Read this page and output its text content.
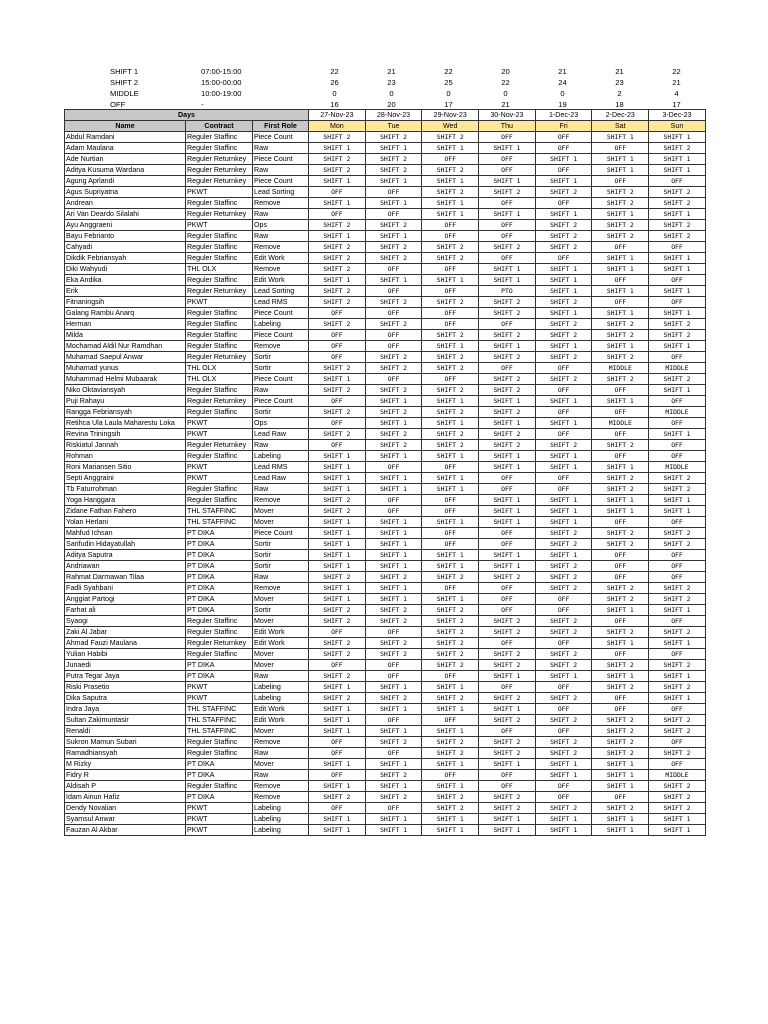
SHIFT 1	07:00-15:00	22	21	22	20	21	21	22
SHIFT 2	15:00-00:00	26	23	25	22	24	23	21
MIDDLE	10:00-19:00	0	0	0	0	0	2	4
OFF	-	16	20	17	21	19	18	17
Days			27-Nov-23	28-Nov-23	29-Nov-23	30-Nov-23	1-Dec-23	2-Dec-23	3-Dec-23
Name	Contract	First Role	Mon	Tue	Wed	Thu	Fri	Sat	Sun
Abdul Ramdani	Reguler Staffinc	Piece Count	SHIFT 2	SHIFT 2	SHIFT 2	OFF	OFF	SHIFT 1	SHIFT 1
Adam Maulana	Reguler Staffinc	Raw	SHIFT 1	SHIFT 1	SHIFT 1	SHIFT 1	OFF	OFF	SHIFT 2
Ade Nurtian	Reguler Returnkey	Piece Count	SHIFT 2	SHIFT 2	OFF	OFF	SHIFT 1	SHIFT 1	SHIFT 1
Aditya Kusuma Wardana	Reguler Returnkey	Raw	SHIFT 2	SHIFT 2	SHIFT 2	OFF	OFF	SHIFT 1	SHIFT 1
Agung Aprlandi	Reguler Returnkey	Piece Count	SHIFT 1	SHIFT 1	SHIFT 1	SHIFT 1	SHIFT 1	OFF	OFF
Agus Supriyatna	PKWT	Lead Sorting	OFF	OFF	SHIFT 2	SHIFT 2	SHIFT 2	SHIFT 2	SHIFT 2
Andrean	Reguler Staffinc	Remove	SHIFT 1	SHIFT 1	SHIFT 1	OFF	OFF	SHIFT 2	SHIFT 2
Ari Van Deardo Silalahi	Reguler Returnkey	Raw	OFF	OFF	SHIFT 1	SHIFT 1	SHIFT 1	SHIFT 1	SHIFT 1
Ayu Anggraeni	PKWT	Ops	SHIFT 2	SHIFT 2	OFF	OFF	SHIFT 2	SHIFT 2	SHIFT 2
Bayu Febrianto	Reguler Staffinc	Raw	SHIFT 1	SHIFT 1	OFF	OFF	SHIFT 2	SHIFT 2	SHIFT 2
Cahyadi	Reguler Staffinc	Remove	SHIFT 2	SHIFT 2	SHIFT 2	SHIFT 2	SHIFT 2	OFF	OFF
Dikdik Febriansyah	Reguler Staffinc	Edit Work	SHIFT 2	SHIFT 2	SHIFT 2	OFF	OFF	SHIFT 1	SHIFT 1
Diki Wahyudi	THL OLX	Remove	SHIFT 2	OFF	OFF	SHIFT 1	SHIFT 1	SHIFT 1	SHIFT 1
Eka Andika	Reguler Staffinc	Edit Work	SHIFT 1	SHIFT 1	SHIFT 1	SHIFT 1	SHIFT 1	OFF	OFF
Erik	Reguler Returnkey	Lead Sorting	SHIFT 2	OFF	OFF	PTO	SHIFT 1	SHIFT 1	SHIFT 1
Fitrianingsih	PKWT	Lead RMS	SHIFT 2	SHIFT 2	SHIFT 2	SHIFT 2	SHIFT 2	OFF	OFF
Galang Rambu Anarq	Reguler Staffinc	Piece Count	OFF	OFF	OFF	SHIFT 2	SHIFT 1	SHIFT 1	SHIFT 1
Herman	Reguler Staffinc	Labeling	SHIFT 2	SHIFT 2	OFF	OFF	SHIFT 2	SHIFT 2	SHIFT 2
Milda	Reguler Staffinc	Piece Count	OFF	OFF	SHIFT 2	SHIFT 2	SHIFT 2	SHIFT 2	SHIFT 2
Mochamad Aldil Nur Ramdhan	Reguler Staffinc	Remove	OFF	OFF	SHIFT 1	SHIFT 1	SHIFT 1	SHIFT 1	SHIFT 1
Muhamad Saepul Anwar	Reguler Returnkey	Sortir	OFF	SHIFT 2	SHIFT 2	SHIFT 2	SHIFT 2	SHIFT 2	OFF
Muhamad yunus	THL OLX	Sortir	SHIFT 2	SHIFT 2	SHIFT 2	OFF	OFF	MIDDLE	MIDDLE
Muhammad Helmi Mubaarak	THL OLX	Piece Count	SHIFT 1	OFF	OFF	SHIFT 2	SHIFT 2	SHIFT 2	SHIFT 2
Niko Oktaviansyah	Reguler Staffinc	Raw	SHIFT 2	SHIFT 2	SHIFT 2	SHIFT 2	OFF	OFF	SHIFT 1
Puji Rahayu	Reguler Returnkey	Piece Count	OFF	SHIFT 1	SHIFT 1	SHIFT 1	SHIFT 1	SHIFT 1	OFF
Rangga Febriansyah	Reguler Staffinc	Sortir	SHIFT 2	SHIFT 2	SHIFT 2	SHIFT 2	OFF	OFF	MIDDLE
Retihca Ula Laula Maharestu Loka	PKWT	Ops	OFF	SHIFT 1	SHIFT 1	SHIFT 1	SHIFT 1	MIDDLE	OFF
Revina Triningsih	PKWT	Lead Raw	SHIFT 2	SHIFT 2	SHIFT 2	SHIFT 2	OFF	OFF	SHIFT 1
Riskiatul Jannah	Reguler Returnkey	Raw	OFF	SHIFT 2	SHIFT 2	SHIFT 2	SHIFT 2	SHIFT 2	OFF
Rohman	Reguler Staffinc	Labeling	SHIFT 1	SHIFT 1	SHIFT 1	SHIFT 1	SHIFT 1	OFF	OFF
Roni Mariansen Sitio	PKWT	Lead RMS	SHIFT 1	OFF	OFF	SHIFT 1	SHIFT 1	SHIFT 1	MIDDLE
Septi Anggraini	PKWT	Lead Raw	SHIFT 1	SHIFT 1	SHIFT 1	OFF	OFF	SHIFT 2	SHIFT 2
Tb Faturrohman	Reguler Staffinc	Raw	SHIFT 1	SHIFT 1	SHIFT 1	OFF	OFF	SHIFT 2	SHIFT 2
Yoga Hanggara	Reguler Staffinc	Remove	SHIFT 2	OFF	OFF	SHIFT 1	SHIFT 1	SHIFT 1	SHIFT 1
Zidane Fathan Fahero	THL STAFFINC	Mover	SHIFT 2	OFF	OFF	SHIFT 1	SHIFT 1	SHIFT 1	SHIFT 1
Yolan Herlani	THL STAFFINC	Mover	SHIFT 1	SHIFT 1	SHIFT 1	SHIFT 1	SHIFT 1	OFF	OFF
Mahfud Ichsan	PT DIKA	Piece Count	SHIFT 1	SHIFT 1	OFF	OFF	SHIFT 2	SHIFT 2	SHIFT 2
Sarifudin Hidayatullah	PT DIKA	Sortir	SHIFT 1	SHIFT 1	OFF	OFF	SHIFT 2	SHIFT 2	SHIFT 2
Aditya Saputra	PT DIKA	Sortir	SHIFT 1	SHIFT 1	SHIFT 1	SHIFT 1	SHIFT 1	OFF	OFF
Andriawan	PT DIKA	Sortir	SHIFT 1	SHIFT 1	SHIFT 1	SHIFT 1	SHIFT 2	OFF	OFF
Rahmat Darmawan Tilaa	PT DIKA	Raw	SHIFT 2	SHIFT 2	SHIFT 2	SHIFT 2	SHIFT 2	OFF	OFF
Fadli Syahbani	PT DIKA	Remove	SHIFT 1	SHIFT 1	OFF	OFF	SHIFT 2	SHIFT 2	SHIFT 2
Anggiat Partogi	PT DIKA	Mover	SHIFT 1	SHIFT 1	SHIFT 1	OFF	OFF	SHIFT 2	SHIFT 2
Farhat ali	PT DIKA	Sortir	SHIFT 2	SHIFT 2	SHIFT 2	OFF	OFF	SHIFT 1	SHIFT 1
Syaogi	Reguler Staffinc	Mover	SHIFT 2	SHIFT 2	SHIFT 2	SHIFT 2	SHIFT 2	OFF	OFF
Zaki Al Jabar	Reguler Staffinc	Edit Work	OFF	OFF	SHIFT 2	SHIFT 2	SHIFT 2	SHIFT 2	SHIFT 2
Ahmad Fauzi Maulana	Reguler Returnkey	Edit Work	SHIFT 2	SHIFT 2	SHIFT 2	OFF	OFF	SHIFT 1	SHIFT 1
Yulian Habibi	Reguler Staffinc	Mover	SHIFT 2	SHIFT 2	SHIFT 2	SHIFT 2	SHIFT 2	OFF	OFF
Junaedi	PT DIKA	Mover	OFF	OFF	SHIFT 2	SHIFT 2	SHIFT 2	SHIFT 2	SHIFT 2
Putra Tegar Jaya	PT DIKA	Raw	SHIFT 2	OFF	OFF	SHIFT 1	SHIFT 1	SHIFT 1	SHIFT 1
Riski Prasetio	PKWT	Labeling	SHIFT 1	SHIFT 1	SHIFT 1	OFF	OFF	SHIFT 2	SHIFT 2
Dika Saputra	PKWT	Labeling	SHIFT 2	SHIFT 2	SHIFT 2	SHIFT 2	SHIFT 2	OFF	SHIFT 1
Indra Jaya	THL STAFFINC	Edit Work	SHIFT 1	SHIFT 1	SHIFT 1	SHIFT 1	OFF	OFF	OFF
Sultan Zakimuntasir	THL STAFFINC	Edit Work	SHIFT 1	OFF	OFF	SHIFT 2	SHIFT 2	SHIFT 2	SHIFT 2
Renaldi	THL STAFFINC	Mover	SHIFT 1	SHIFT 1	SHIFT 1	OFF	OFF	SHIFT 2	SHIFT 2
Sukron Mamun Subari	Reguler Staffinc	Remove	OFF	SHIFT 2	SHIFT 2	SHIFT 2	SHIFT 2	SHIFT 2	OFF
Ramadhiansyah	Reguler Staffinc	Raw	OFF	OFF	SHIFT 2	SHIFT 2	SHIFT 2	SHIFT 2	SHIFT 2
M Rizky	PT DIKA	Mover	SHIFT 1	SHIFT 1	SHIFT 1	SHIFT 1	SHIFT 1	SHIFT 1	OFF
Fidry R	PT DIKA	Raw	OFF	SHIFT 2	OFF	OFF	SHIFT 1	SHIFT 1	MIDDLE
Aldisah P	Reguler Staffinc	Remove	SHIFT 1	SHIFT 1	SHIFT 1	OFF	OFF	SHIFT 1	SHIFT 2
Idam Ainun Hafiz	PT DIKA	Remove	SHIFT 2	SHIFT 2	SHIFT 2	SHIFT 2	OFF	OFF	SHIFT 2
Dendy Novalian	PKWT	Labeling	OFF	OFF	SHIFT 2	SHIFT 2	SHIFT 2	SHIFT 2	SHIFT 2
Syamsul Anwar	PKWT	Labeling	SHIFT 1	SHIFT 1	SHIFT 1	SHIFT 1	SHIFT 1	SHIFT 1	SHIFT 1
Fauzan Al Akbar	PKWT	Labeling	SHIFT 1	SHIFT 1	SHIFT 1	SHIFT 1	SHIFT 1	SHIFT 1	SHIFT 1
